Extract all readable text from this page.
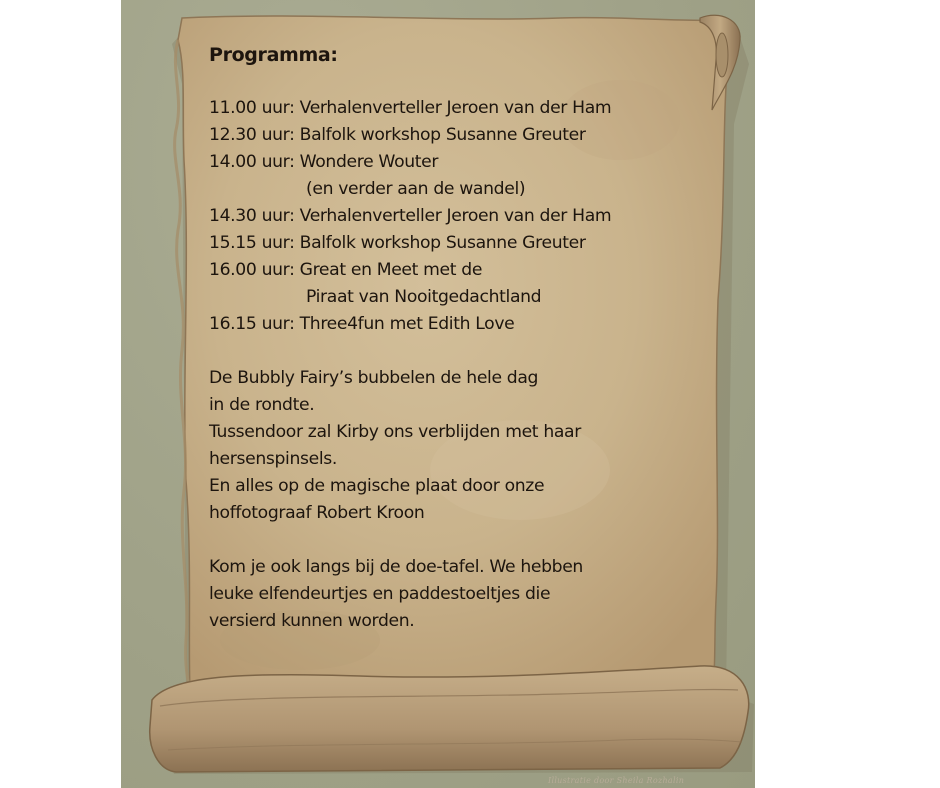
Programma:
11.00 uur: Verhalenverteller Jeroen van der Ham
12.30 uur: Balfolk workshop Susanne Greuter
14.00 uur: Wondere Wouter
(en verder aan de wandel)
14.30 uur: Verhalenverteller Jeroen van der Ham
15.15 uur: Balfolk workshop Susanne Greuter
16.00 uur: Great en Meet met de
Piraat van Nooitgedachtland
16.15 uur: Three4fun met Edith Love
De Bubbly Fairy’s bubbelen de hele dag
in de rondte.
Tussendoor zal Kirby ons verblijden met haar
hersenspinsels.
En alles op de magische plaat door onze
hoffotograaf Robert Kroon
Kom je ook langs bij de doe-tafel. We hebben
leuke elfendeurtjes en paddestoeltjes die
versierd kunnen worden.
Illustratie door Sheila Rozhalin
